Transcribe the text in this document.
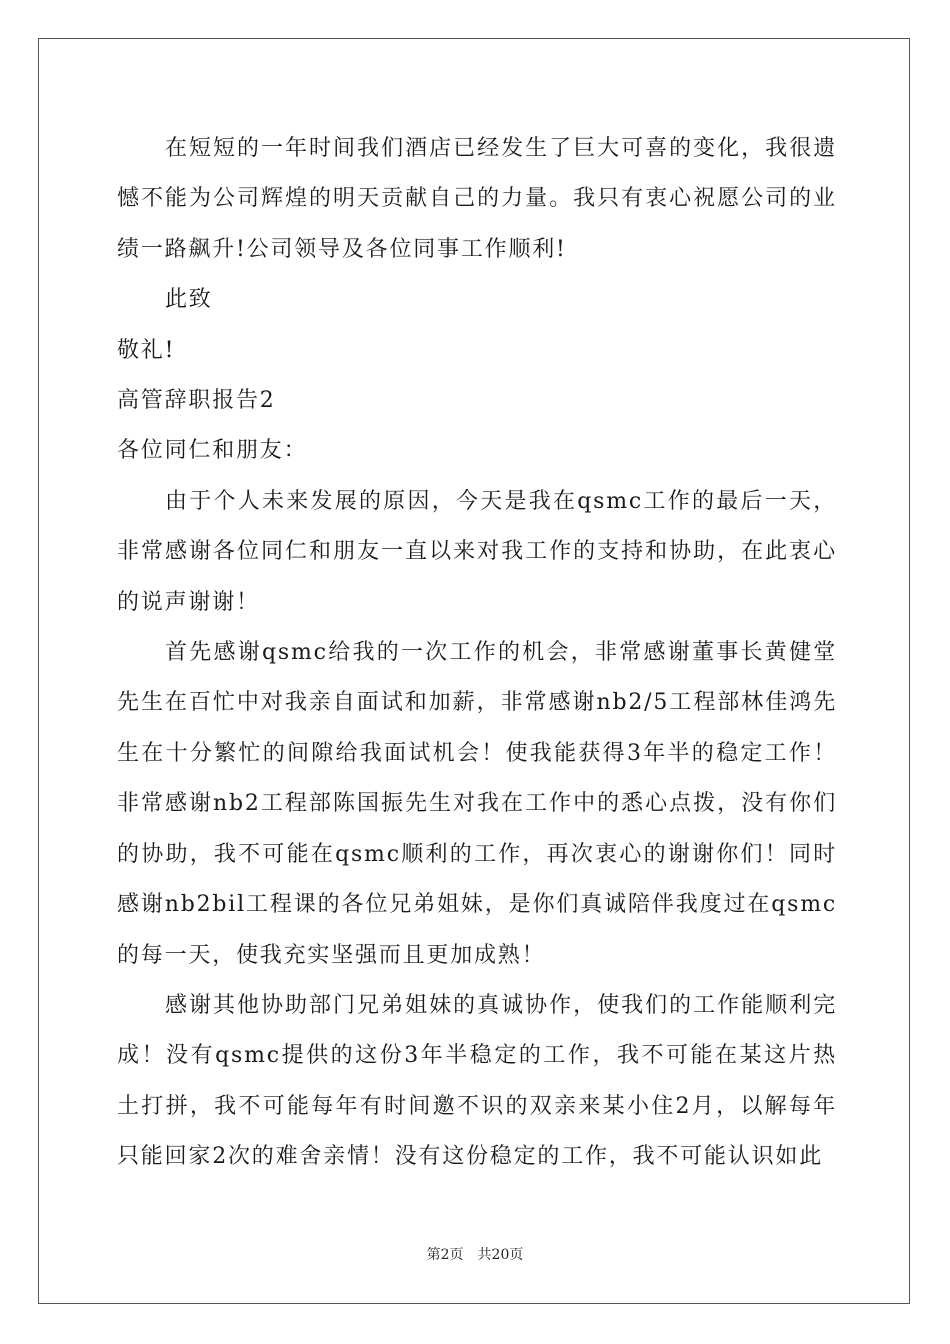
在短短的一年时间我们酒店已经发生了巨大可喜的变化，我很遗憾不能为公司辉煌的明天贡献自己的力量。我只有衷心祝愿公司的业绩一路飙升!公司领导及各位同事工作顺利!

此致

敬礼!

高管辞职报告2

各位同仁和朋友：

由于个人未来发展的原因，今天是我在qsmc工作的最后一天，非常感谢各位同仁和朋友一直以来对我工作的支持和协助，在此衷心的说声谢谢！

首先感谢qsmc给我的一次工作的机会，非常感谢董事长黄健堂先生在百忙中对我亲自面试和加薪，非常感谢nb2/5工程部林佳鸿先生在十分繁忙的间隙给我面试机会！使我能获得3年半的稳定工作！非常感谢nb2工程部陈国振先生对我在工作中的悉心点拨，没有你们的协助，我不可能在qsmc顺利的工作，再次衷心的谢谢你们！同时感谢nb2bil工程课的各位兄弟姐妹，是你们真诚陪伴我度过在qsmc的每一天，使我充实坚强而且更加成熟！

感谢其他协助部门兄弟姐妹的真诚协作，使我们的工作能顺利完成！没有qsmc提供的这份3年半稳定的工作，我不可能在某这片热土打拼，我不可能每年有时间邀不识的双亲来某小住2月，以解每年只能回家2次的难舍亲情！没有这份稳定的工作，我不可能认识如此

第2页　共20页
